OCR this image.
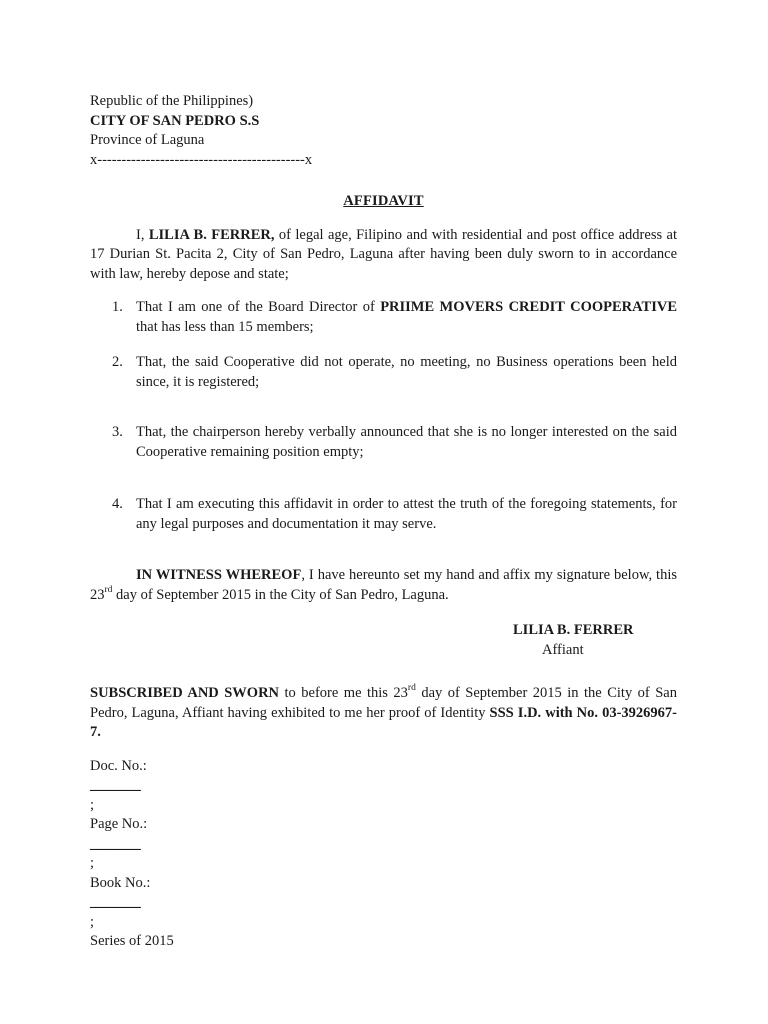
Republic of the Philippines)
CITY OF SAN PEDRO S.S
Province of Laguna
x-------------------------------------------x
AFFIDAVIT

I, LILIA B. FERRER, of legal age, Filipino and with residential and post office address at 17 Durian St. Pacita 2, City of San Pedro, Laguna after having been duly sworn to in accordance with law, hereby depose and state;

1. That I am one of the Board Director of PRIIME MOVERS CREDIT COOPERATIVE that has less than 15 members;
2. That, the said Cooperative did not operate, no meeting, no Business operations been held since, it is registered;
3. That, the chairperson hereby verbally announced that she is no longer interested on the said Cooperative remaining position empty;
4. That I am executing this affidavit in order to attest the truth of the foregoing statements, for any legal purposes and documentation it may serve.

IN WITNESS WHEREOF, I have hereunto set my hand and affix my signature below, this 23rd day of September 2015 in the City of San Pedro, Laguna.

LILIA B. FERRER
Affiant

SUBSCRIBED AND SWORN to before me this 23rd day of September 2015 in the City of San Pedro, Laguna, Affiant having exhibited to me her proof of Identity SSS I.D. with No. 03-3926967-7.

Doc. No.:
_______
;
Page No.:
_______
;
Book No.:
_______
;
Series of 2015
